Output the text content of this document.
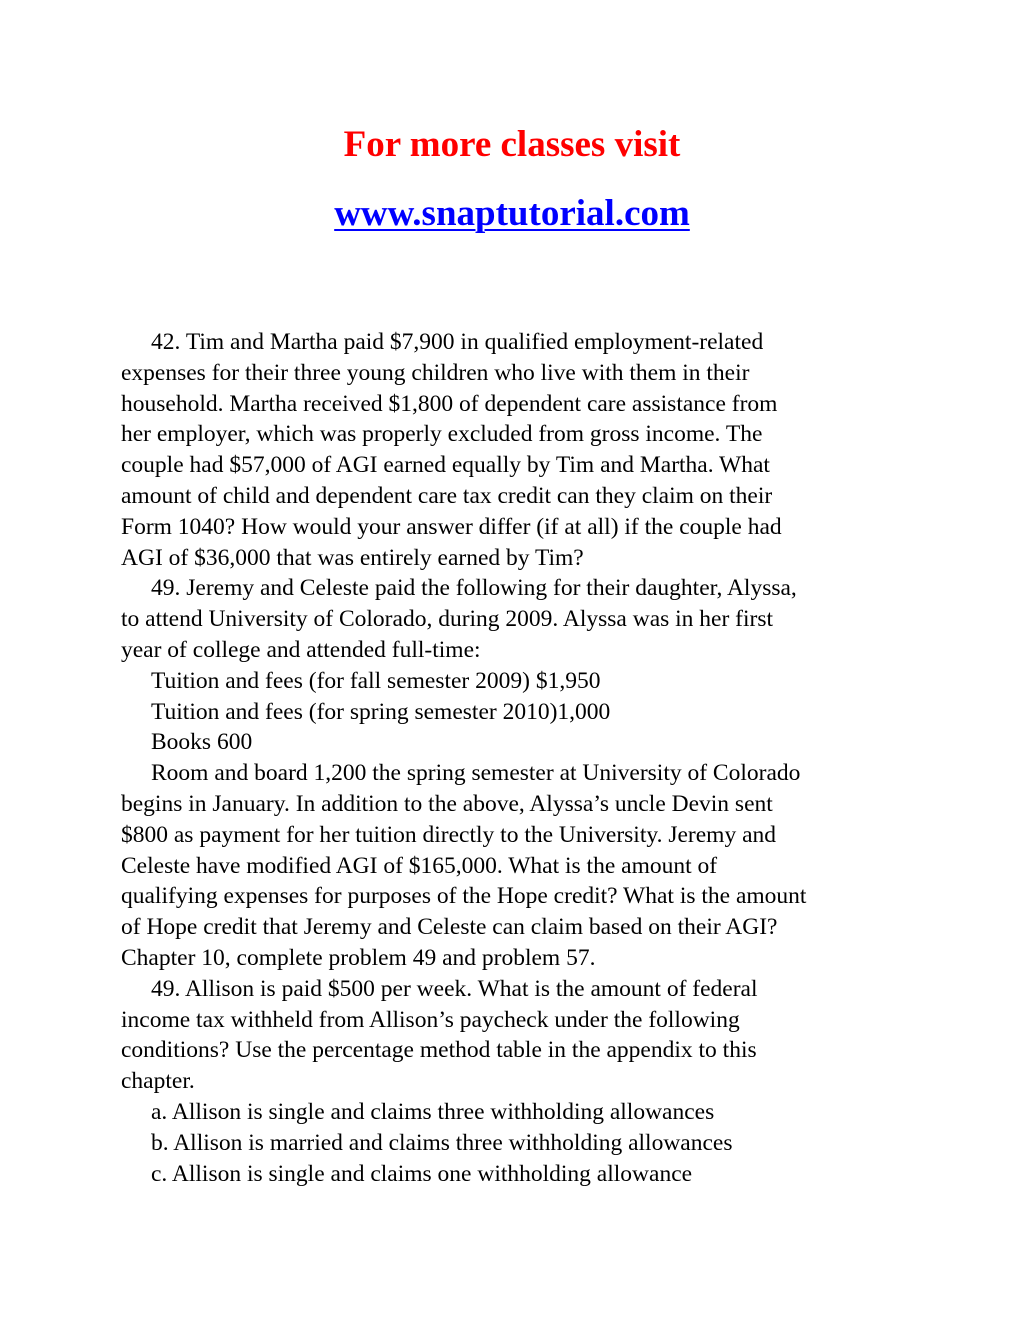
For more classes visit

www.snaptutorial.com

42. Tim and Martha paid $7,900 in qualified employment-related
expenses for their three young children who live with them in their
household. Martha received $1,800 of dependent care assistance from
her employer, which was properly excluded from gross income. The
couple had $57,000 of AGI earned equally by Tim and Martha. What
amount of child and dependent care tax credit can they claim on their
Form 1040? How would your answer differ (if at all) if the couple had
AGI of $36,000 that was entirely earned by Tim?
49. Jeremy and Celeste paid the following for their daughter, Alyssa,
to attend University of Colorado, during 2009. Alyssa was in her first
year of college and attended full-time:
Tuition and fees (for fall semester 2009) $1,950
Tuition and fees (for spring semester 2010)1,000
Books 600
Room and board 1,200 the spring semester at University of Colorado
begins in January. In addition to the above, Alyssa’s uncle Devin sent
$800 as payment for her tuition directly to the University. Jeremy and
Celeste have modified AGI of $165,000. What is the amount of
qualifying expenses for purposes of the Hope credit? What is the amount
of Hope credit that Jeremy and Celeste can claim based on their AGI?
Chapter 10, complete problem 49 and problem 57.
49. Allison is paid $500 per week. What is the amount of federal
income tax withheld from Allison’s paycheck under the following
conditions? Use the percentage method table in the appendix to this
chapter.
a. Allison is single and claims three withholding allowances
b. Allison is married and claims three withholding allowances
c. Allison is single and claims one withholding allowance
